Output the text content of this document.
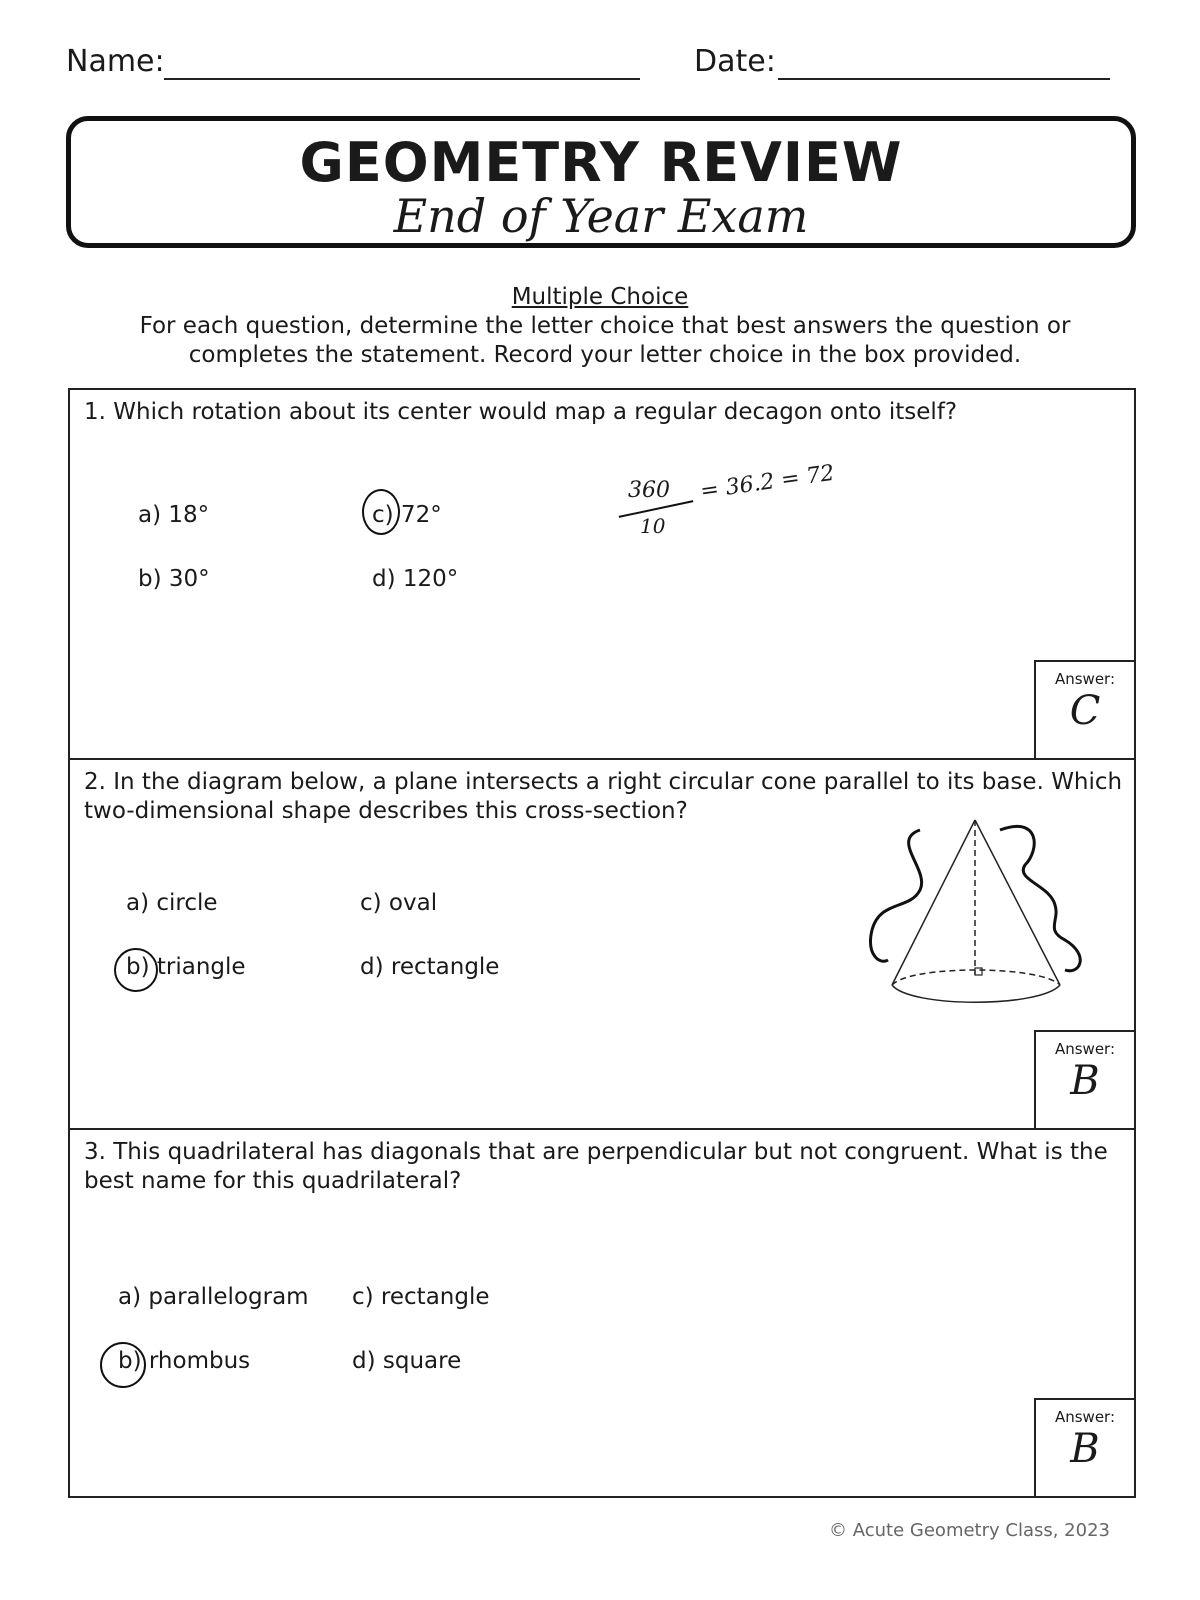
Name:	Date:
GEOMETRY REVIEW
End of Year Exam
Multiple Choice
For each question, determine the letter choice that best answers the question or completes the statement. Record your letter choice in the box provided.
1. Which rotation about its center would map a regular decagon onto itself?
a) 18°
b) 30°
c) 72°
d) 120°
360
10
= 36.2 = 72
Answer:
C
2. In the diagram below, a plane intersects a right circular cone parallel to its base. Which two-dimensional shape describes this cross-section?
a) circle
b) triangle
c) oval
d) rectangle
Answer:
B
3. This quadrilateral has diagonals that are perpendicular but not congruent. What is the best name for this quadrilateral?
a) parallelogram
b) rhombus
c) rectangle
d) square
Answer:
B
© Acute Geometry Class, 2023
